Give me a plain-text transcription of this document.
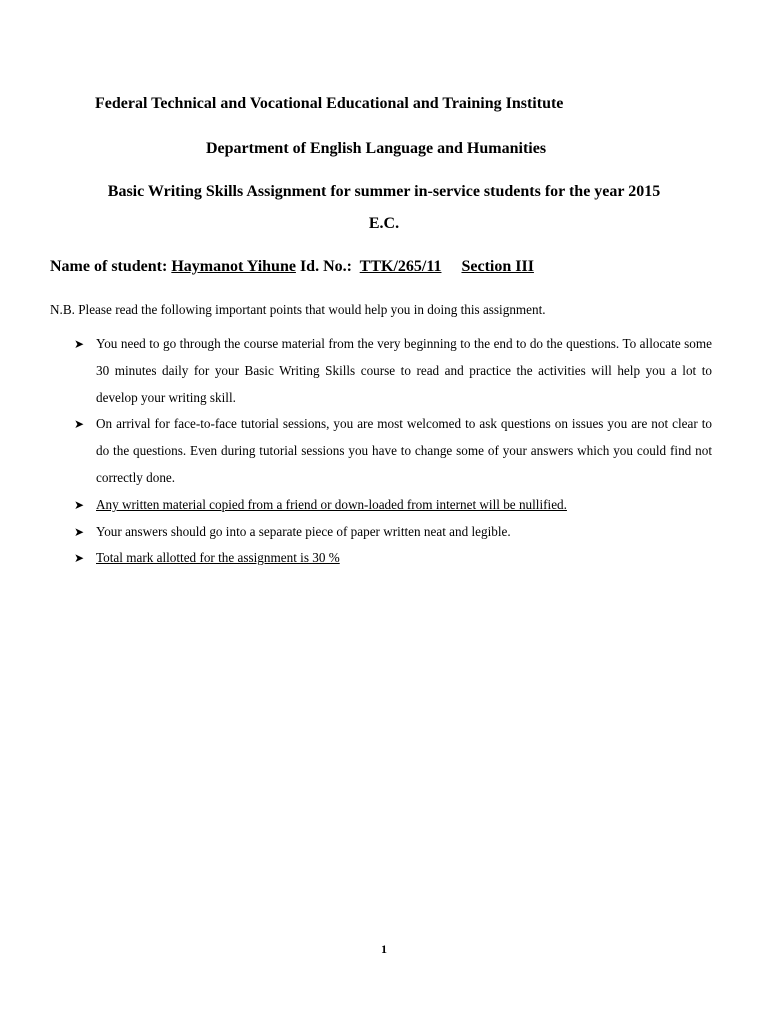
Federal Technical and Vocational Educational and Training Institute
Department of English Language and Humanities
Basic Writing Skills Assignment for summer in-service students for the year 2015
E.C.
Name of student: Haymanot Yihune Id. No.: TTK/265/11 Section III
N.B. Please read the following important points that would help you in doing this assignment.
➤ You need to go through the course material from the very beginning to the end to do the questions. To allocate some 30 minutes daily for your Basic Writing Skills course to read and practice the activities will help you a lot to develop your writing skill.
➤ On arrival for face-to-face tutorial sessions, you are most welcomed to ask questions on issues you are not clear to do the questions. Even during tutorial sessions you have to change some of your answers which you could find not correctly done.
➤ Any written material copied from a friend or down-loaded from internet will be nullified.
➤ Your answers should go into a separate piece of paper written neat and legible.
➤ Total mark allotted for the assignment is 30 %
1
